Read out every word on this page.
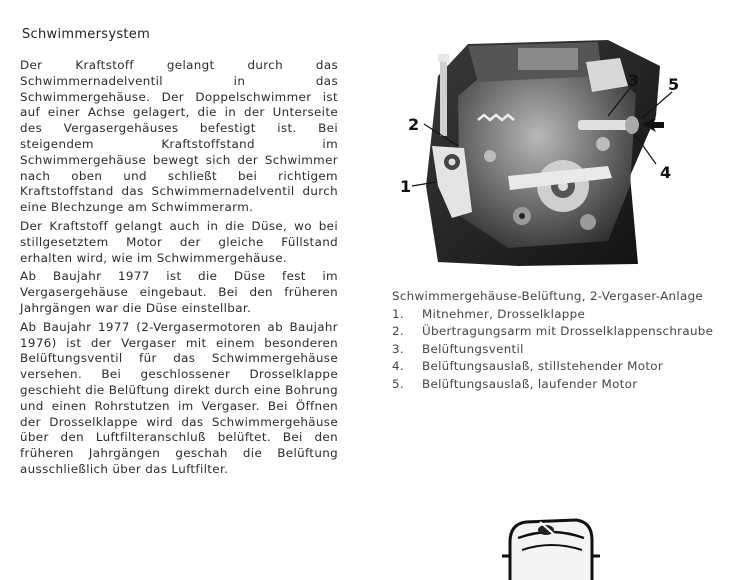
Schwimmersystem

Der Kraftstoff gelangt durch das Schwimmernadelventil in das Schwimmergehäuse. Der Doppelschwimmer ist auf einer Achse gelagert, die in der Unterseite des Vergasergehäuses befestigt ist. Bei steigendem Kraftstoffstand im Schwimmergehäuse bewegt sich der Schwimmer nach oben und schließt bei richtigem Kraftstoffstand das Schwimmernadelventil durch eine Blechzunge am Schwimmerarm.

Der Kraftstoff gelangt auch in die Düse, wo bei stillgesetztem Motor der gleiche Füllstand erhalten wird, wie im Schwimmergehäuse.

Ab Baujahr 1977 ist die Düse fest im Vergasergehäuse eingebaut. Bei den früheren Jahrgängen war die Düse einstellbar.

Ab Baujahr 1977 (2-Vergasermotoren ab Baujahr 1976) ist der Vergaser mit einem besonderen Belüftungsventil für das Schwimmergehäuse versehen. Bei geschlossener Drosselklappe geschieht die Belüftung direkt durch eine Bohrung und einen Rohrstutzen im Vergaser. Bei Öffnen der Drosselklappe wird das Schwimmergehäuse über den Luftfilteranschluß belüftet. Bei den früheren Jahrgängen geschah die Belüftung ausschließlich über das Luftfilter.

1
2
3
4
5

Schwimmergehäuse-Belüftung, 2-Vergaser-Anlage

1.	Mitnehmer, Drosselklappe
2.	Übertragungsarm mit Drosselklappenschraube
3.	Belüftungsventil
4.	Belüftungsauslaß, stillstehender Motor
5.	Belüftungsauslaß, laufender Motor
